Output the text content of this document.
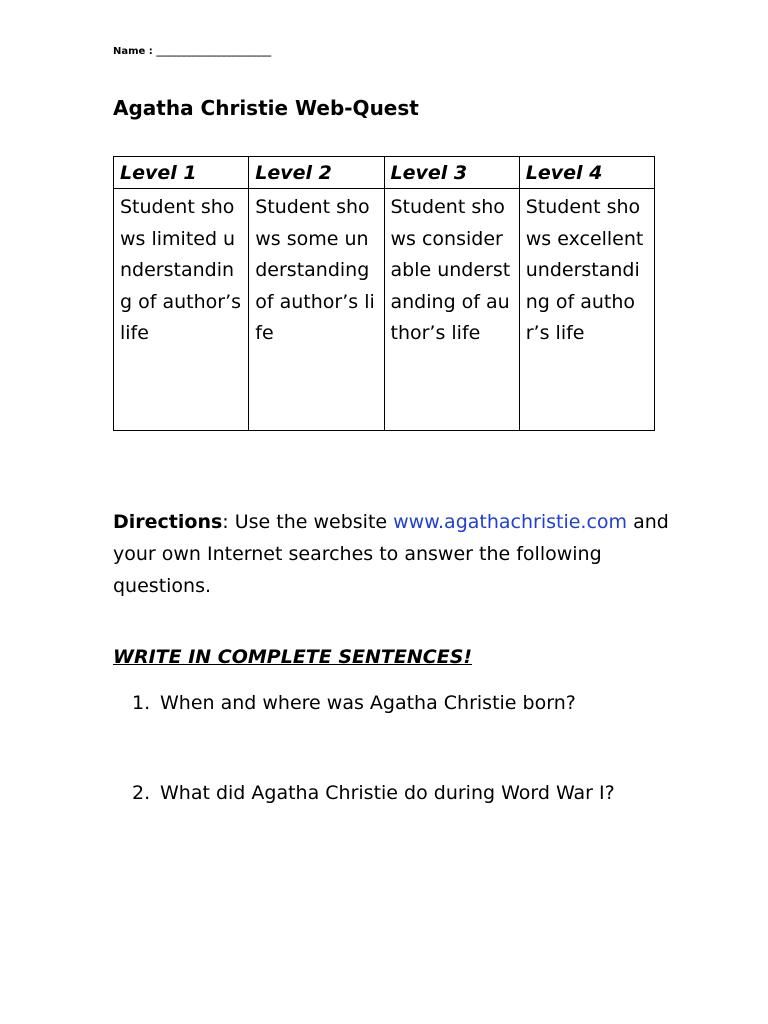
Name : _______________________
Agatha Christie Web-Quest
Level 1	Level 2	Level 3	Level 4
Student shows limited understanding of author’s life	Student shows some understanding of author’s life	Student shows considerable understanding of author’s life	Student shows excellent understanding of author’s life

Directions: Use the website www.agathachristie.com and your own Internet searches to answer the following questions.

WRITE IN COMPLETE SENTENCES!

1. When and where was Agatha Christie born?
2. What did Agatha Christie do during Word War I?
